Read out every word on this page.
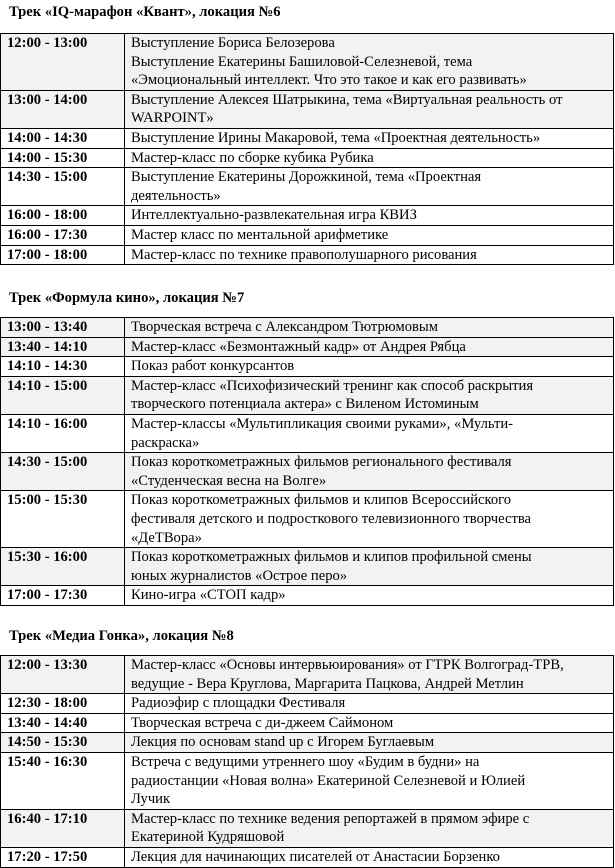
Трек «IQ-марафон «Квант», локация №6
12:00 - 13:00	Выступление Бориса Белозерова
Выступление Екатерины Башиловой-Селезневой, тема
«Эмоциональный интеллект. Что это такое и как его развивать»

13:00 - 14:00	Выступление Алексея Шатрыкина, тема «Виртуальная реальность от
WARPOINT»

14:00 - 14:30	Выступление Ирины Макаровой, тема «Проектная деятельность»

14:00 - 15:30	Мастер-класс по сборке кубика Рубика

14:30 - 15:00	Выступление Екатерины Дорожкиной, тема «Проектная
деятельность»

16:00 - 18:00	Интеллектуально-развлекательная игра КВИЗ

16:00 - 17:30	Мастер класс по ментальной арифметике

17:00 - 18:00	Мастер-класс по технике правополушарного рисования
Трек «Формула кино», локация №7
13:00 - 13:40	Творческая встреча с Александром Тютрюмовым

13:40 - 14:10	Мастер-класс «Безмонтажный кадр» от Андрея Рябца

14:10 - 14:30	Показ работ конкурсантов

14:10 - 15:00	Мастер-класс «Психофизический тренинг как способ раскрытия
творческого потенциала актера» с Виленом Истоминым

14:10 - 16:00	Мастер-классы «Мультипликация своими руками», «Мульти-
раскраска»

14:30 - 15:00	Показ короткометражных фильмов регионального фестиваля
«Студенческая весна на Волге»

15:00 - 15:30	Показ короткометражных фильмов и клипов Всероссийского
фестиваля детского и подросткового телевизионного творчества
«ДеТВора»

15:30 - 16:00	Показ короткометражных фильмов и клипов профильной смены
юных журналистов «Острое перо»

17:00 - 17:30	Кино-игра «СТОП кадр»
Трек «Медиа Гонка», локация №8
12:00 - 13:30	Мастер-класс «Основы интервьюирования» от ГТРК Волгоград-ТРВ,
ведущие - Вера Круглова, Маргарита Пацкова, Андрей Метлин

12:30 - 18:00	Радиоэфир с площадки Фестиваля

13:40 - 14:40	Творческая встреча с ди-джеем Саймоном

14:50 - 15:30	Лекция по основам stand up с Игорем Буглаевым

15:40 - 16:30	Встреча с ведущими утреннего шоу «Будим в будни» на
радиостанции «Новая волна» Екатериной Селезневой и Юлией
Лучик

16:40 - 17:10	Мастер-класс по технике ведения репортажей в прямом эфире с
Екатериной Кудряшовой

17:20 - 17:50	Лекция для начинающих писателей от Анастасии Борзенко
